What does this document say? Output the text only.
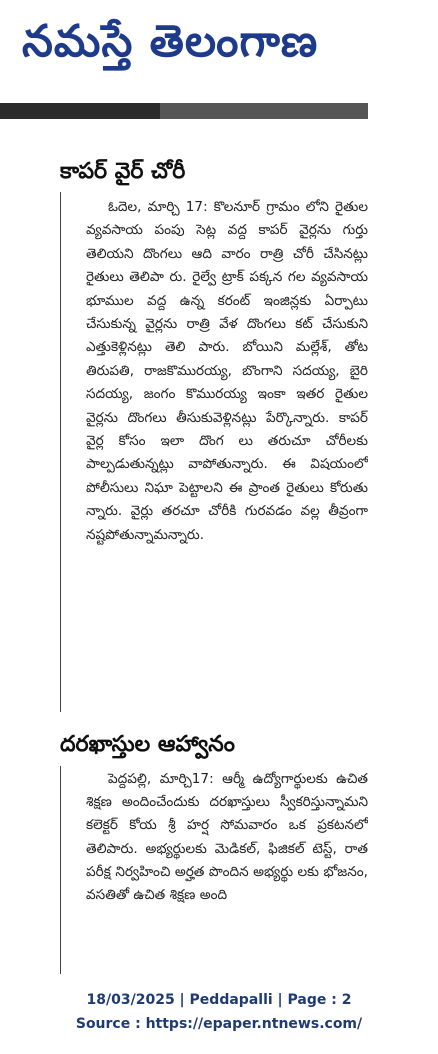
నమస్తే తెలంగాణ
కాపర్ వైర్ చోరీ
ఓదెల, మార్చి 17: కొలనూర్ గ్రామం లోని రైతుల వ్యవసాయ పంపు సెట్ల వద్ద కాపర్ వైర్లను గుర్తు తెలియని దొంగలు ఆది వారం రాత్రి చోరీ చేసినట్లు రైతులు తెలిపా రు. రైల్వే ట్రాక్ పక్కన గల వ్యవసాయ భూముల వద్ద ఉన్న కరంట్ ఇంజిన్లకు ఏర్పాటు చేసుకున్న వైర్లను రాత్రి వేళ దొంగలు కట్ చేసుకుని ఎత్తుకెళ్లినట్లు తెలి పారు. బోయిని మల్లేశ్, తోట తిరుపతి, రాజకొమురయ్య, బొంగాని సదయ్య, బైరి సదయ్య, జంగం కొమురయ్య ఇంకా ఇతర రైతుల వైర్లను దొంగలు తీసుకువెళ్లినట్లు పేర్కొన్నారు. కాపర్ వైర్ల కోసం ఇలా దొంగ లు తరుచూ చోరీలకు పాల్పడుతున్నట్లు వాపోతున్నారు. ఈ విషయంలో పోలీసులు నిఘా పెట్టాలని ఈ ప్రాంత రైతులు కోరుతు న్నారు. వైర్లు తరచూ చోరీకి గురవడం వల్ల తీవ్రంగా నష్టపోతున్నామన్నారు.
దరఖాస్తుల ఆహ్వానం
పెద్దపల్లి, మార్చి17: ఆర్మీ ఉద్యోగార్థులకు ఉచిత శిక్షణ అందించేందుకు దరఖాస్తులు స్వీకరిస్తున్నామని కలెక్టర్ కోయ శ్రీ హర్ష సోమవారం ఒక ప్రకటనలో తెలిపారు. అభ్యర్థులకు మెడికల్, ఫిజికల్ టెస్ట్, రాత పరీక్ష నిర్వహించి అర్హత పొందిన అభ్యర్థు లకు భోజనం, వసతితో ఉచిత శిక్షణ అంది
18/03/2025 | Peddapalli | Page : 2
Source : https://epaper.ntnews.com/
